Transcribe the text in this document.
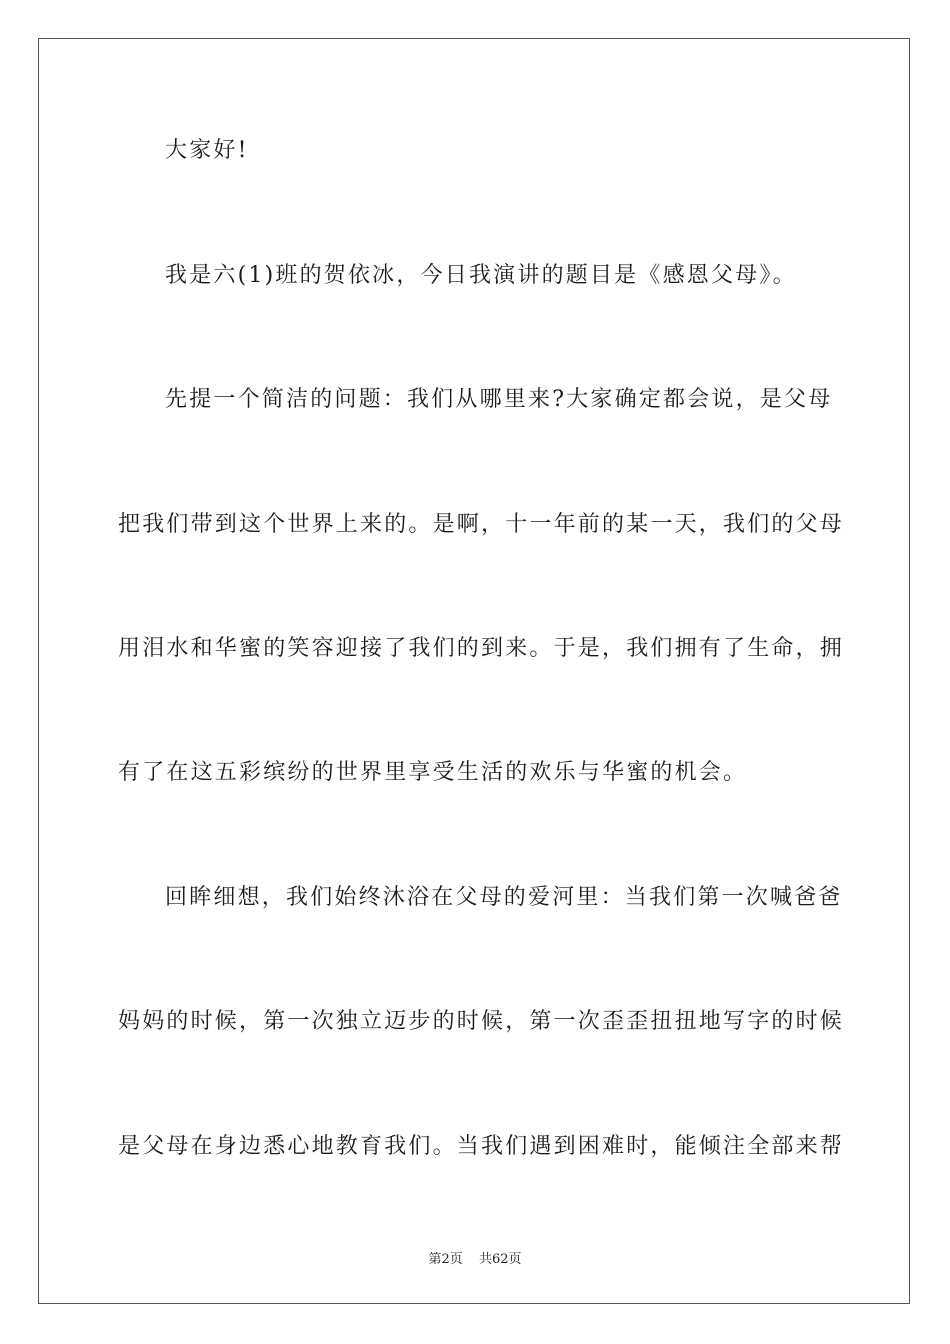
大家好!
我是六(1)班的贺依冰，今日我演讲的题目是《感恩父母》。
先提一个简洁的问题：我们从哪里来?大家确定都会说，是父母
把我们带到这个世界上来的。是啊，十一年前的某一天，我们的父母
用泪水和华蜜的笑容迎接了我们的到来。于是，我们拥有了生命，拥
有了在这五彩缤纷的世界里享受生活的欢乐与华蜜的机会。
回眸细想，我们始终沐浴在父母的爱河里：当我们第一次喊爸爸
妈妈的时候，第一次独立迈步的时候，第一次歪歪扭扭地写字的时候
是父母在身边悉心地教育我们。当我们遇到困难时，能倾注全部来帮
第2页 共62页
